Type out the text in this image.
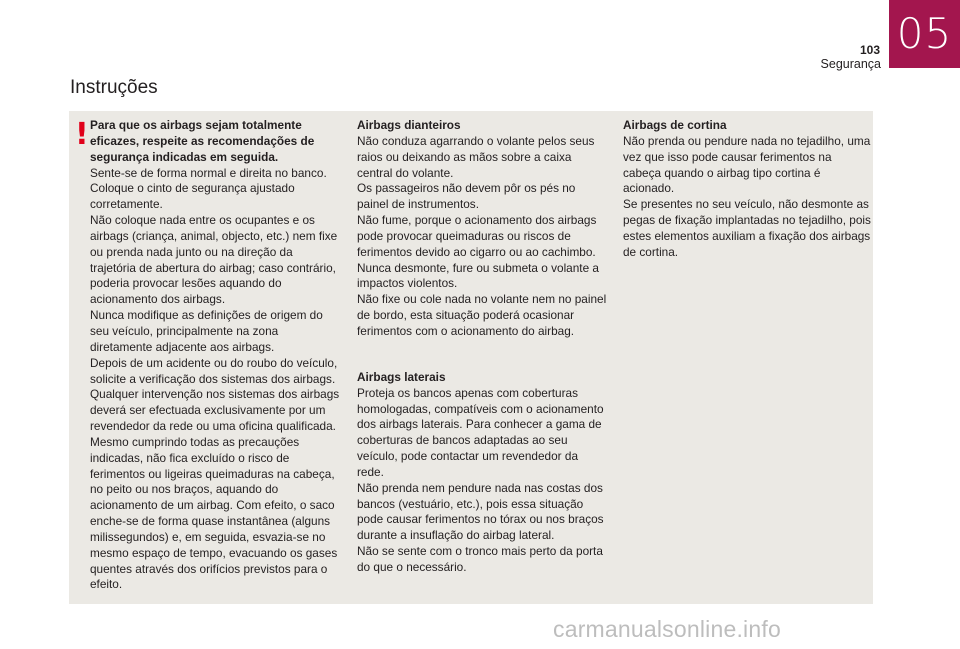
05
103
Segurança
Instruções
! Para que os airbags sejam totalmente eficazes, respeite as recomendações de segurança indicadas em seguida.
Sente-se de forma normal e direita no banco.
Coloque o cinto de segurança ajustado corretamente.
Não coloque nada entre os ocupantes e os airbags (criança, animal, objecto, etc.) nem fixe ou prenda nada junto ou na direção da trajetória de abertura do airbag; caso contrário, poderia provocar lesões aquando do acionamento dos airbags.
Nunca modifique as definições de origem do seu veículo, principalmente na zona diretamente adjacente aos airbags.
Depois de um acidente ou do roubo do veículo, solicite a verificação dos sistemas dos airbags.
Qualquer intervenção nos sistemas dos airbags deverá ser efectuada exclusivamente por um revendedor da rede ou uma oficina qualificada.
Mesmo cumprindo todas as precauções indicadas, não fica excluído o risco de ferimentos ou ligeiras queimaduras na cabeça, no peito ou nos braços, aquando do acionamento de um airbag. Com efeito, o saco enche-se de forma quase instantânea (alguns milissegundos) e, em seguida, esvazia-se no mesmo espaço de tempo, evacuando os gases quentes através dos orifícios previstos para o efeito.
Airbags dianteiros
Não conduza agarrando o volante pelos seus raios ou deixando as mãos sobre a caixa central do volante.
Os passageiros não devem pôr os pés no painel de instrumentos.
Não fume, porque o acionamento dos airbags pode provocar queimaduras ou riscos de ferimentos devido ao cigarro ou ao cachimbo.
Nunca desmonte, fure ou submeta o volante a impactos violentos.
Não fixe ou cole nada no volante nem no painel de bordo, esta situação poderá ocasionar ferimentos com o acionamento do airbag.
Airbags laterais
Proteja os bancos apenas com coberturas homologadas, compatíveis com o acionamento dos airbags laterais. Para conhecer a gama de coberturas de bancos adaptadas ao seu veículo, pode contactar um revendedor da rede.
Não prenda nem pendure nada nas costas dos bancos (vestuário, etc.), pois essa situação pode causar ferimentos no tórax ou nos braços durante a insuflação do airbag lateral.
Não se sente com o tronco mais perto da porta do que o necessário.
Airbags de cortina
Não prenda ou pendure nada no tejadilho, uma vez que isso pode causar ferimentos na cabeça quando o airbag tipo cortina é acionado.
Se presentes no seu veículo, não desmonte as pegas de fixação implantadas no tejadilho, pois estes elementos auxiliam a fixação dos airbags de cortina.
carmanualsonline.info
